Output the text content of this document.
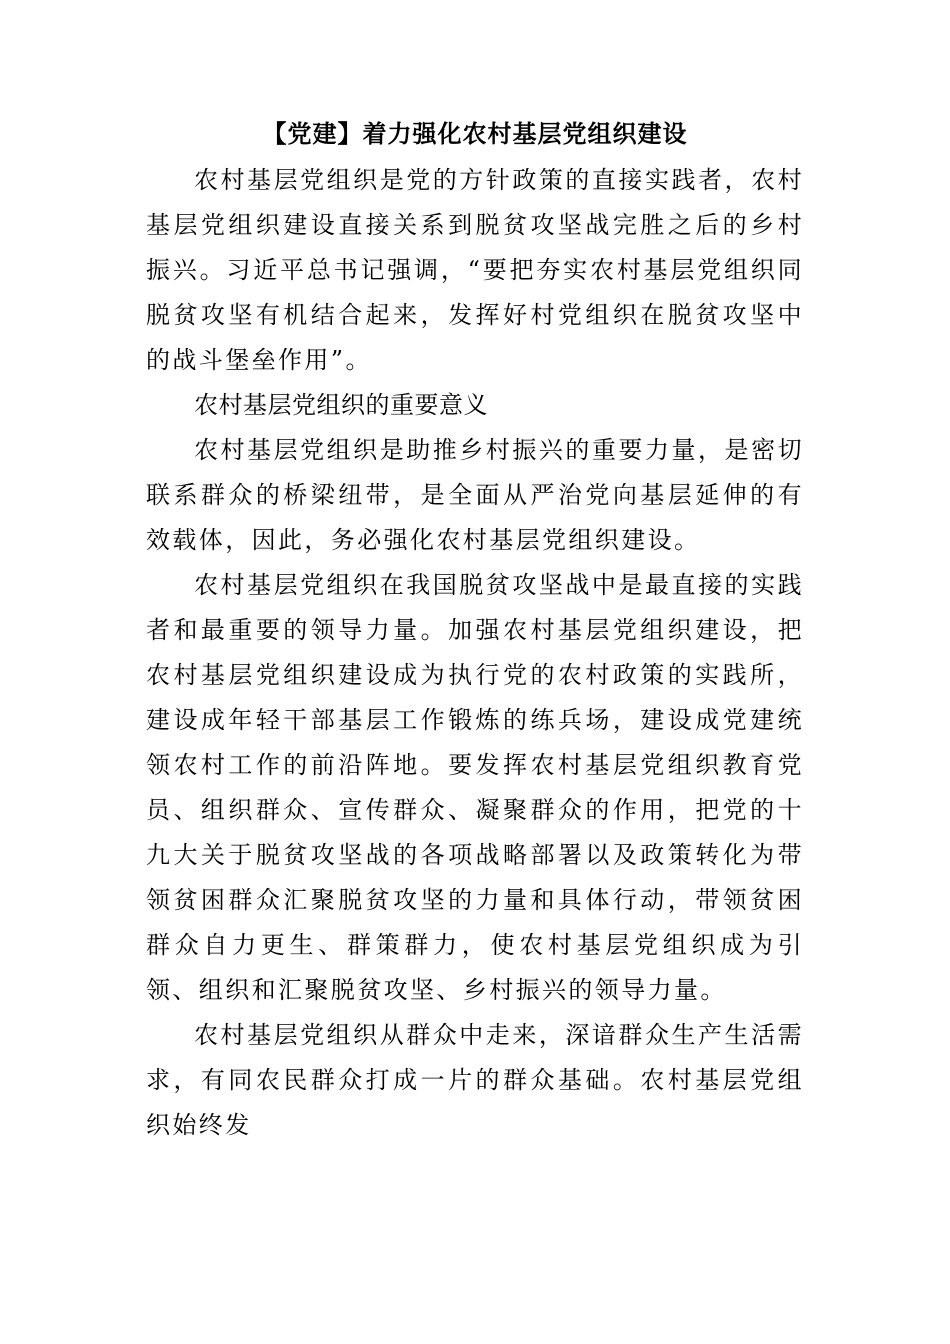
【党建】着力强化农村基层党组织建设

农村基层党组织是党的方针政策的直接实践者，农村基层党组织建设直接关系到脱贫攻坚战完胜之后的乡村振兴。习近平总书记强调，“要把夯实农村基层党组织同脱贫攻坚有机结合起来，发挥好村党组织在脱贫攻坚中的战斗堡垒作用”。

农村基层党组织的重要意义

农村基层党组织是助推乡村振兴的重要力量，是密切联系群众的桥梁纽带，是全面从严治党向基层延伸的有效载体，因此，务必强化农村基层党组织建设。

农村基层党组织在我国脱贫攻坚战中是最直接的实践者和最重要的领导力量。加强农村基层党组织建设，把农村基层党组织建设成为执行党的农村政策的实践所，建设成年轻干部基层工作锻炼的练兵场，建设成党建统领农村工作的前沿阵地。要发挥农村基层党组织教育党员、组织群众、宣传群众、凝聚群众的作用，把党的十九大关于脱贫攻坚战的各项战略部署以及政策转化为带领贫困群众汇聚脱贫攻坚的力量和具体行动，带领贫困群众自力更生、群策群力，使农村基层党组织成为引领、组织和汇聚脱贫攻坚、乡村振兴的领导力量。

农村基层党组织从群众中走来，深谙群众生产生活需求，有同农民群众打成一片的群众基础。农村基层党组织始终发
